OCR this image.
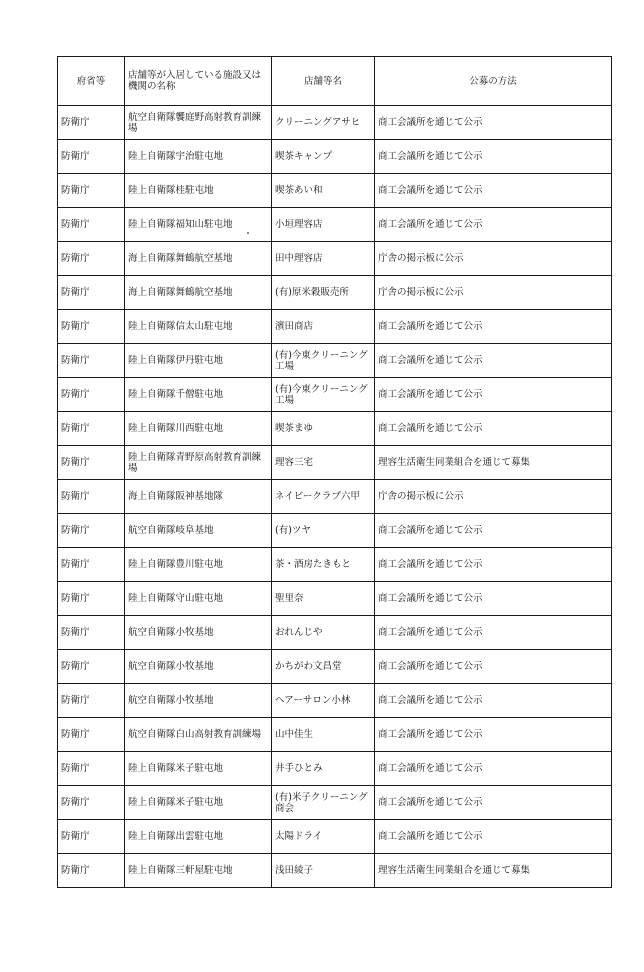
府省等	店舗等が入居している施設又は機関の名称	店舗等名	公募の方法
防衛庁	航空自衛隊饗庭野高射教育訓練場	クリーニングアサヒ	商工会議所を通じて公示
防衛庁	陸上自衛隊宇治駐屯地	喫茶キャンプ	商工会議所を通じて公示
防衛庁	陸上自衛隊桂駐屯地	喫茶あい和	商工会議所を通じて公示
防衛庁	陸上自衛隊福知山駐屯地	小垣理容店	商工会議所を通じて公示
防衛庁	海上自衛隊舞鶴航空基地	田中理容店	庁舎の掲示板に公示
防衛庁	海上自衛隊舞鶴航空基地	(有)原米穀販売所	庁舎の掲示板に公示
防衛庁	陸上自衛隊信太山駐屯地	濱田商店	商工会議所を通じて公示
防衛庁	陸上自衛隊伊丹駐屯地	(有)今東クリーニング工場	商工会議所を通じて公示
防衛庁	陸上自衛隊千僧駐屯地	(有)今東クリーニング工場	商工会議所を通じて公示
防衛庁	陸上自衛隊川西駐屯地	喫茶まゆ	商工会議所を通じて公示
防衛庁	陸上自衛隊青野原高射教育訓練場	理容三宅	理容生活衛生同業組合を通じて募集
防衛庁	海上自衛隊阪神基地隊	ネイビークラブ六甲	庁舎の掲示板に公示
防衛庁	航空自衛隊岐阜基地	(有)ツヤ	商工会議所を通じて公示
防衛庁	陸上自衛隊豊川駐屯地	茶・酒房たきもと	商工会議所を通じて公示
防衛庁	陸上自衛隊守山駐屯地	聖里奈	商工会議所を通じて公示
防衛庁	航空自衛隊小牧基地	おれんじや	商工会議所を通じて公示
防衛庁	航空自衛隊小牧基地	かちがわ文昌堂	商工会議所を通じて公示
防衛庁	航空自衛隊小牧基地	ヘアーサロン小林	商工会議所を通じて公示
防衛庁	航空自衛隊白山高射教育訓練場	山中佳生	商工会議所を通じて公示
防衛庁	陸上自衛隊米子駐屯地	井手ひとみ	商工会議所を通じて公示
防衛庁	陸上自衛隊米子駐屯地	(有)米子クリーニング商会	商工会議所を通じて公示
防衛庁	陸上自衛隊出雲駐屯地	太陽ドライ	商工会議所を通じて公示
防衛庁	陸上自衛隊三軒屋駐屯地	浅田綾子	理容生活衛生同業組合を通じて募集
